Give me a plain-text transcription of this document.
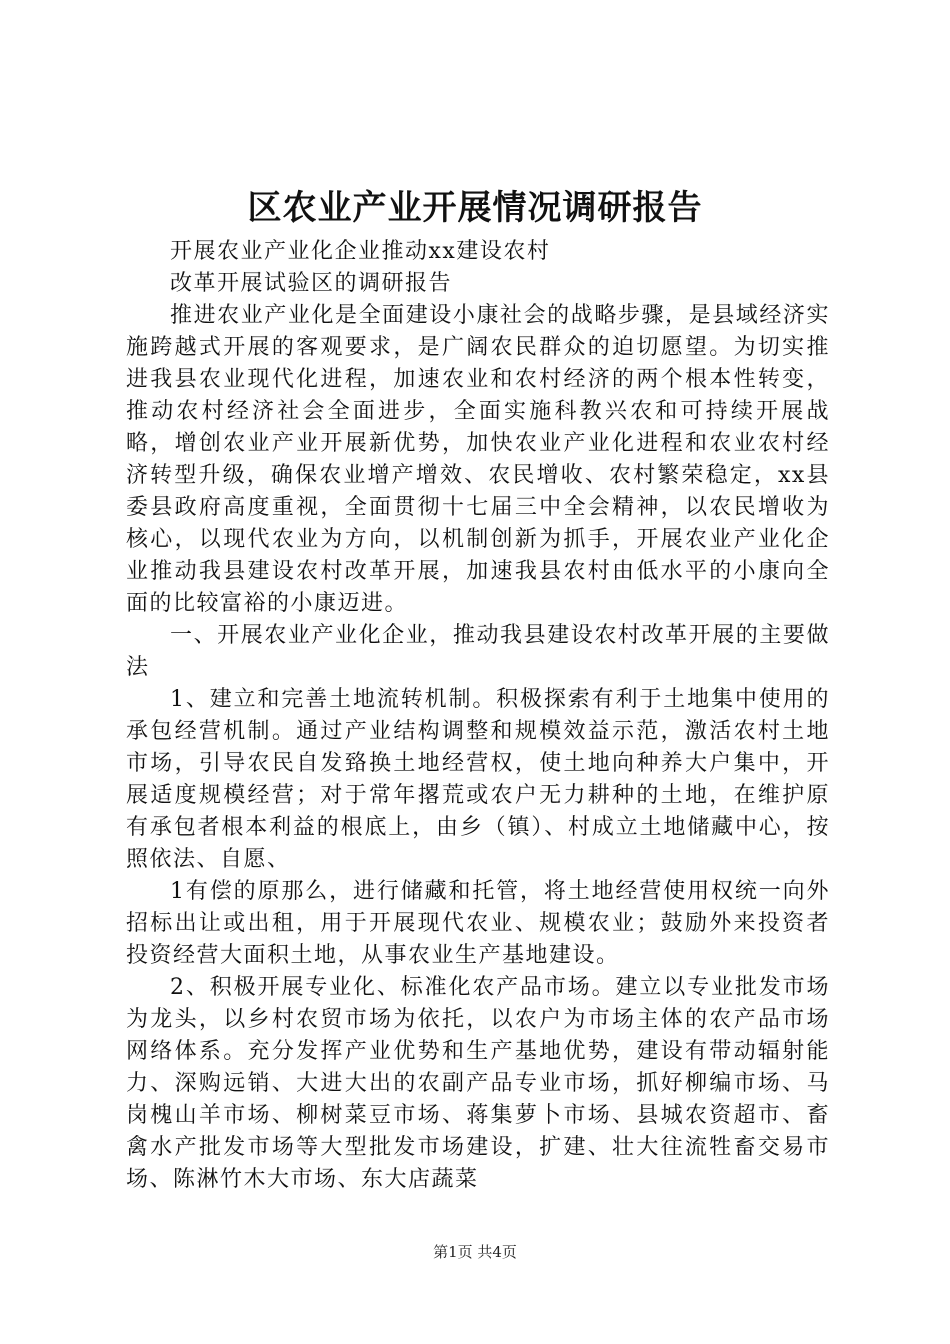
区农业产业开展情况调研报告

开展农业产业化企业推动xx建设农村

改革开展试验区的调研报告

推进农业产业化是全面建设小康社会的战略步骤，是县域经济实施跨越式开展的客观要求，是广阔农民群众的迫切愿望。为切实推进我县农业现代化进程，加速农业和农村经济的两个根本性转变，推动农村经济社会全面进步，全面实施科教兴农和可持续开展战略，增创农业产业开展新优势，加快农业产业化进程和农业农村经济转型升级，确保农业增产增效、农民增收、农村繁荣稳定，xx县委县政府高度重视，全面贯彻十七届三中全会精神，以农民增收为核心，以现代农业为方向，以机制创新为抓手，开展农业产业化企业推动我县建设农村改革开展，加速我县农村由低水平的小康向全面的比较富裕的小康迈进。

一、开展农业产业化企业，推动我县建设农村改革开展的主要做法

1、建立和完善土地流转机制。积极探索有利于土地集中使用的承包经营机制。通过产业结构调整和规模效益示范，激活农村土地市场，引导农民自发臵换土地经营权，使土地向种养大户集中，开展适度规模经营；对于常年撂荒或农户无力耕种的土地，在维护原有承包者根本利益的根底上，由乡（镇）、村成立土地储藏中心，按照依法、自愿、

1有偿的原那么，进行储藏和托管，将土地经营使用权统一向外招标出让或出租，用于开展现代农业、规模农业；鼓励外来投资者投资经营大面积土地，从事农业生产基地建设。

2、积极开展专业化、标准化农产品市场。建立以专业批发市场为龙头，以乡村农贸市场为依托，以农户为市场主体的农产品市场网络体系。充分发挥产业优势和生产基地优势，建设有带动辐射能力、深购远销、大进大出的农副产品专业市场，抓好柳编市场、马岗槐山羊市场、柳树菜豆市场、蒋集萝卜市场、县城农资超市、畜禽水产批发市场等大型批发市场建设，扩建、壮大往流牲畜交易市场、陈淋竹木大市场、东大店蔬菜

第1页 共4页
